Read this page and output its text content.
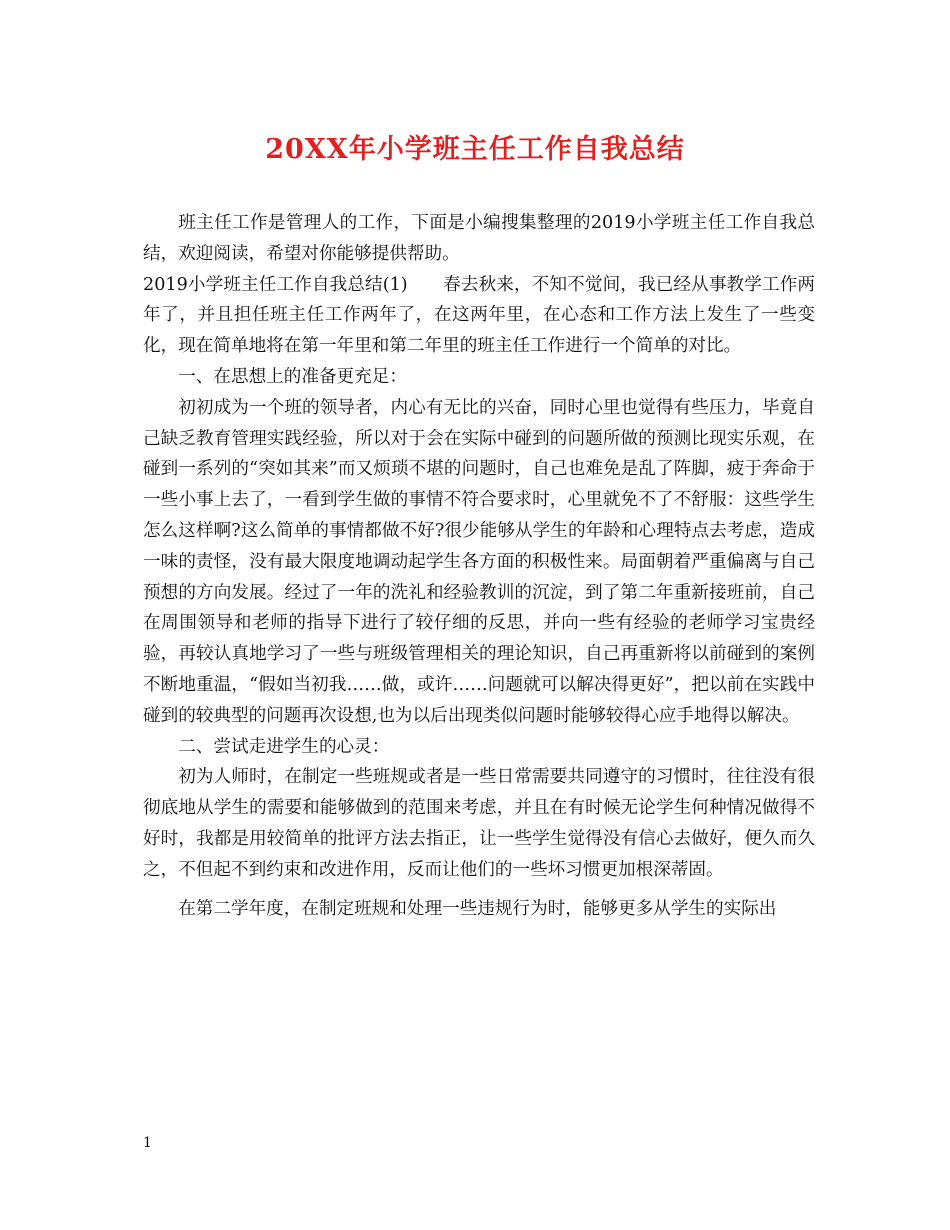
20XX年小学班主任工作自我总结

班主任工作是管理人的工作，下面是小编搜集整理的2019小学班主任工作自我总结，欢迎阅读，希望对你能够提供帮助。

2019小学班主任工作自我总结(1)　　春去秋来，不知不觉间，我已经从事教学工作两年了，并且担任班主任工作两年了，在这两年里，在心态和工作方法上发生了一些变化，现在简单地将在第一年里和第二年里的班主任工作进行一个简单的对比。

一、在思想上的准备更充足：

初初成为一个班的领导者，内心有无比的兴奋，同时心里也觉得有些压力，毕竟自己缺乏教育管理实践经验，所以对于会在实际中碰到的问题所做的预测比现实乐观，在碰到一系列的“突如其来”而又烦琐不堪的问题时，自己也难免是乱了阵脚，疲于奔命于一些小事上去了，一看到学生做的事情不符合要求时，心里就免不了不舒服：这些学生怎么这样啊?这么简单的事情都做不好?很少能够从学生的年龄和心理特点去考虑，造成一味的责怪，没有最大限度地调动起学生各方面的积极性来。局面朝着严重偏离与自己预想的方向发展。经过了一年的洗礼和经验教训的沉淀，到了第二年重新接班前，自己在周围领导和老师的指导下进行了较仔细的反思，并向一些有经验的老师学习宝贵经验，再较认真地学习了一些与班级管理相关的理论知识，自己再重新将以前碰到的案例不断地重温，“假如当初我……做，或许……问题就可以解决得更好”，把以前在实践中碰到的较典型的问题再次设想,也为以后出现类似问题时能够较得心应手地得以解决。

二、尝试走进学生的心灵：

初为人师时，在制定一些班规或者是一些日常需要共同遵守的习惯时，往往没有很彻底地从学生的需要和能够做到的范围来考虑，并且在有时候无论学生何种情况做得不好时，我都是用较简单的批评方法去指正，让一些学生觉得没有信心去做好，便久而久之，不但起不到约束和改进作用，反而让他们的一些坏习惯更加根深蒂固。

在第二学年度，在制定班规和处理一些违规行为时，能够更多从学生的实际出

1
